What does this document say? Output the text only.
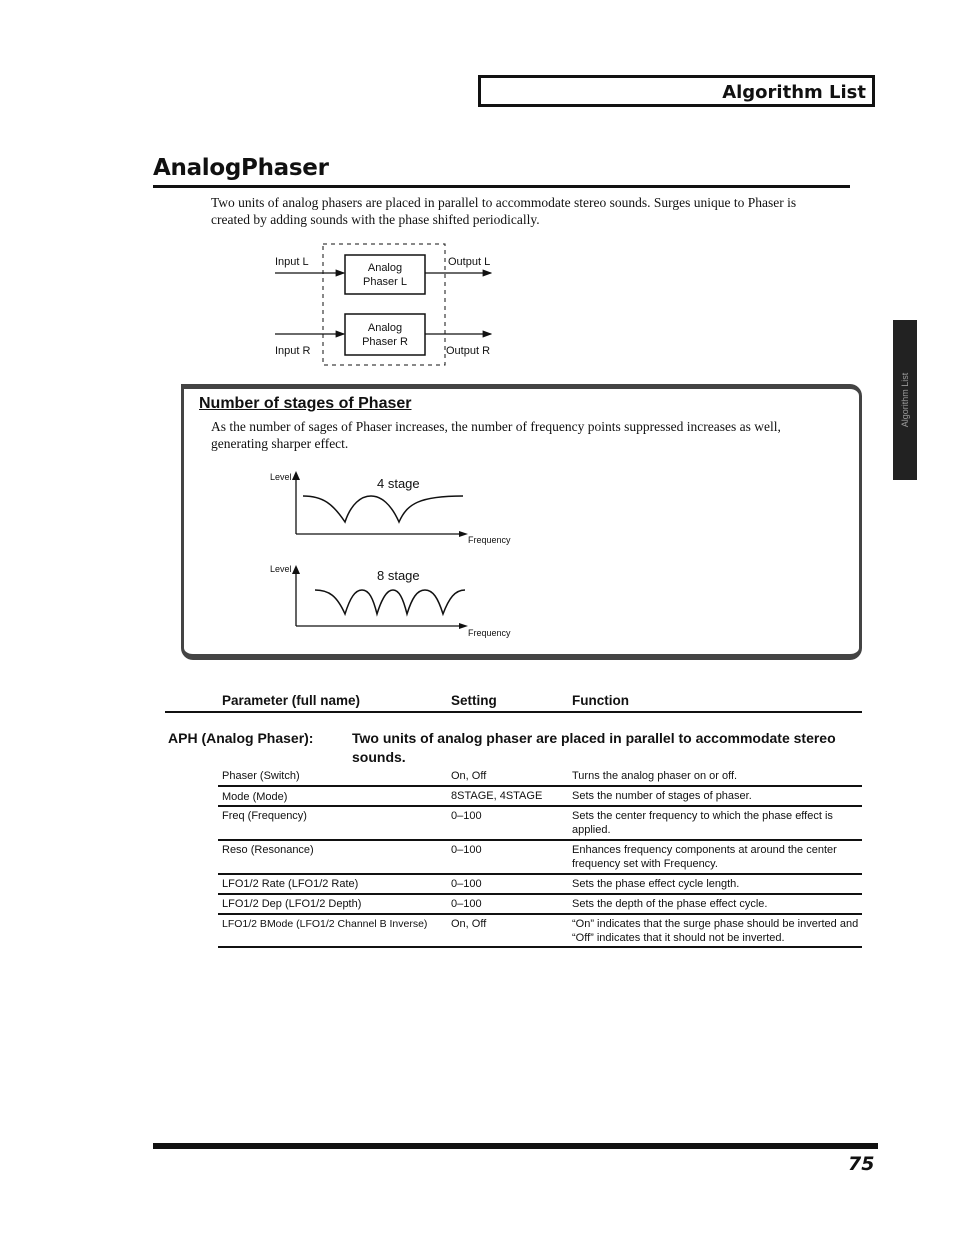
Algorithm List
Algorithm List
AnalogPhaser
Two units of analog phasers are placed in parallel to accommodate stereo sounds. Surges unique to Phaser is created by adding sounds with the phase shifted periodically.
Input L	Output L
Input R	Output R
Analog
Phaser L
Analog
Phaser R
Number of stages of Phaser
As the number of sages of Phaser increases, the number of frequency points suppressed increases as well, generating sharper effect.
Level	4 stage
Frequency
Level	8 stage
Frequency
Parameter (full name)	Setting	Function
APH (Analog Phaser):	Two units of analog phaser are placed in parallel to accommodate stereo sounds.
Phaser (Switch)	On, Off	Turns the analog phaser on or off.
Mode (Mode)	8STAGE, 4STAGE	Sets the number of stages of phaser.
Freq (Frequency)	0–100	Sets the center frequency to which the phase effect is applied.
Reso (Resonance)	0–100	Enhances frequency components at around the center frequency set with Frequency.
LFO1/2 Rate (LFO1/2 Rate)	0–100	Sets the phase effect cycle length.
LFO1/2 Dep (LFO1/2 Depth)	0–100	Sets the depth of the phase effect cycle.
LFO1/2 BMode (LFO1/2 Channel B Inverse) On, Off	“On” indicates that the surge phase should be inverted and “Off” indicates that it should not be inverted.
75
